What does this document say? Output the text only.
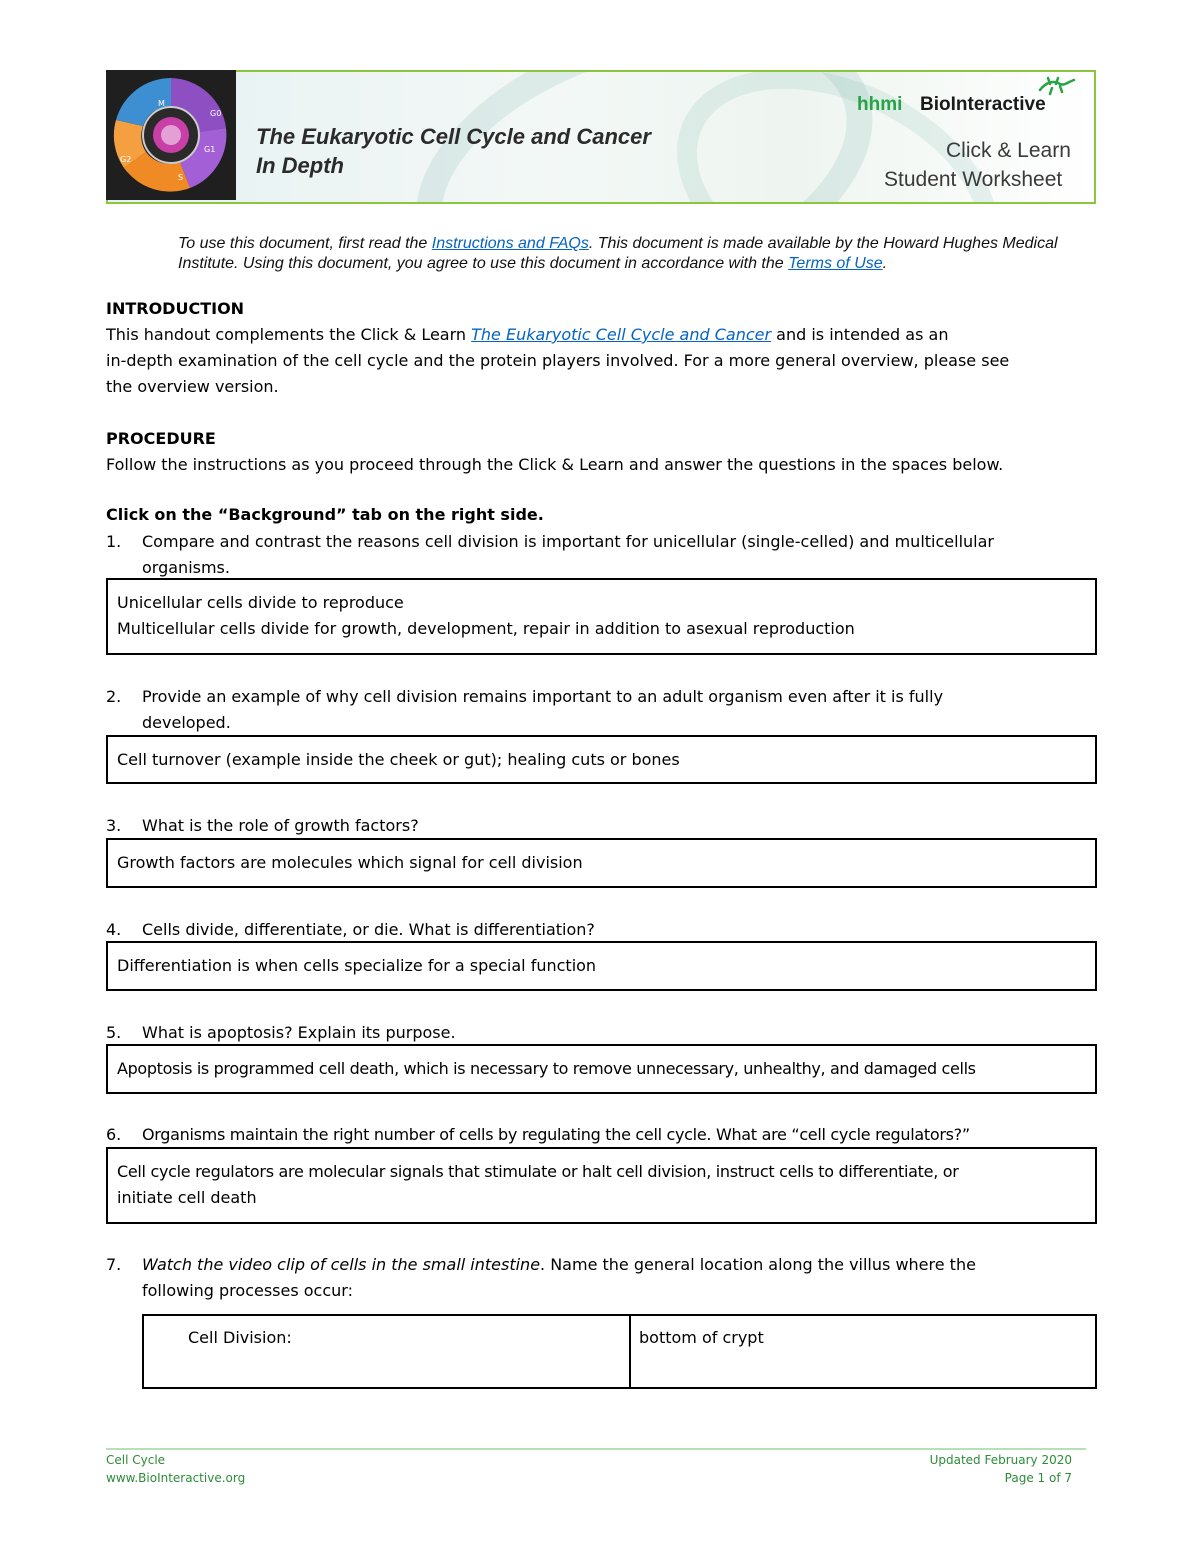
M
G0
G1
S
G2
The Eukaryotic Cell Cycle and Cancer
In Depth
hhmi BioInteractive
Click & Learn
Student Worksheet
To use this document, first read the Instructions and FAQs. This document is made available by the Howard Hughes Medical Institute. Using this document, you agree to use this document in accordance with the Terms of Use.
INTRODUCTION
This handout complements the Click & Learn The Eukaryotic Cell Cycle and Cancer and is intended as an
in-depth examination of the cell cycle and the protein players involved. For a more general overview, please see
the overview version.
PROCEDURE
Follow the instructions as you proceed through the Click & Learn and answer the questions in the spaces below.
Click on the “Background” tab on the right side.
1.	Compare and contrast the reasons cell division is important for unicellular (single-celled) and multicellular
organisms.
Unicellular cells divide to reproduce
Multicellular cells divide for growth, development, repair in addition to asexual reproduction
2.	Provide an example of why cell division remains important to an adult organism even after it is fully
developed.
Cell turnover (example inside the cheek or gut); healing cuts or bones
3.	What is the role of growth factors?
Growth factors are molecules which signal for cell division
4.	Cells divide, differentiate, or die. What is differentiation?
Differentiation is when cells specialize for a special function
5.	What is apoptosis? Explain its purpose.
Apoptosis is programmed cell death, which is necessary to remove unnecessary, unhealthy, and damaged cells
6.	Organisms maintain the right number of cells by regulating the cell cycle. What are “cell cycle regulators?”
Cell cycle regulators are molecular signals that stimulate or halt cell division, instruct cells to differentiate, or
initiate cell death
7.	Watch the video clip of cells in the small intestine. Name the general location along the villus where the
following processes occur:
Cell Division:	bottom of crypt
Cell Cycle
www.BioInteractive.org
Updated February 2020
Page 1 of 7
